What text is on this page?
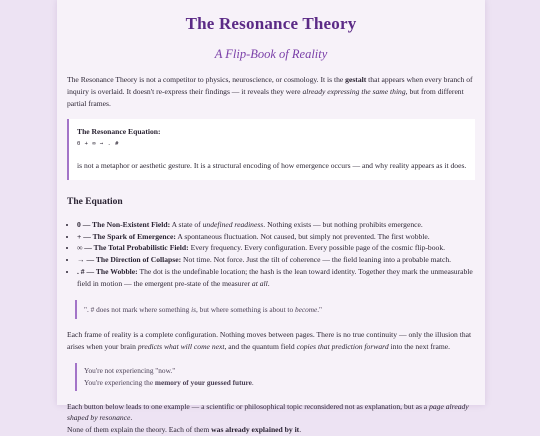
The Resonance Theory
A Flip-Book of Reality

The Resonance Theory is not a competitor to physics, neuroscience, or cosmology. It is the gestalt that appears when every branch of inquiry is overlaid. It doesn't re-express their findings — it reveals they were already expressing the same thing, but from different partial frames.

The Resonance Equation:
0 + ∞ → . #
is not a metaphor or aesthetic gesture. It is a structural encoding of how emergence occurs — and why reality appears as it does.
The Equation
• 0 — The Non-Existent Field: A state of undefined readiness. Nothing exists — but nothing prohibits emergence.
• + — The Spark of Emergence: A spontaneous fluctuation. Not caused, but simply not prevented. The first wobble.
• ∞ — The Total Probabilistic Field: Every frequency. Every configuration. Every possible page of the cosmic flip-book.
• → — The Direction of Collapse: Not time. Not force. Just the tilt of coherence — the field leaning into a probable match.
• . # — The Wobble: The dot is the undefinable location; the hash is the lean toward identity. Together they mark the unmeasurable field in motion — the emergent pre-state of the measurer at all.
". # does not mark where something is, but where something is about to become."

Each frame of reality is a complete configuration. Nothing moves between pages. There is no true continuity — only the illusion that arises when your brain predicts what will come next, and the quantum field copies that prediction forward into the next frame.

You're not experiencing "now."
You're experiencing the memory of your guessed future.

Each button below leads to one example — a scientific or philosophical topic reconsidered not as explanation, but as a page already shaped by resonance.
None of them explain the theory. Each of them was already explained by it.
